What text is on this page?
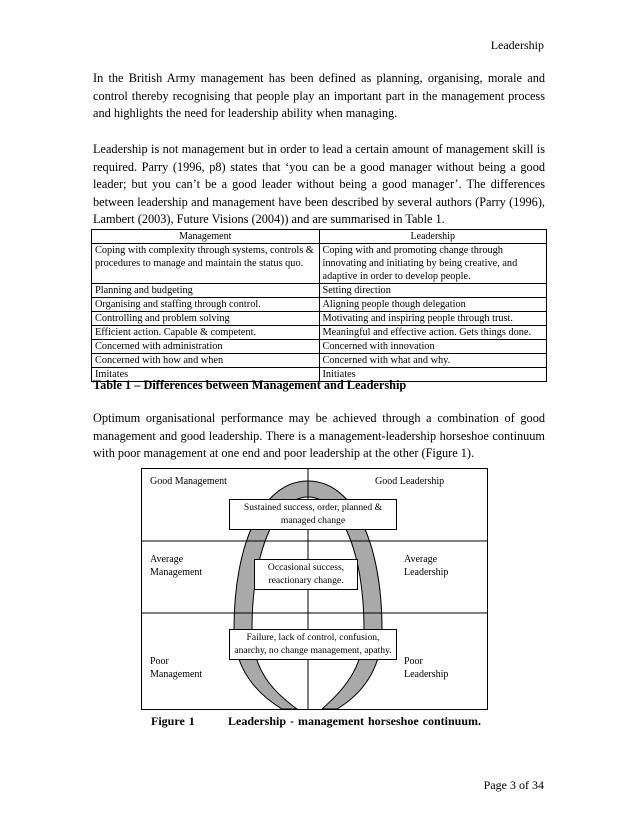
Leadership

In the British Army management has been defined as planning, organising, morale and control thereby recognising that people play an important part in the management process and highlights the need for leadership ability when managing.

Leadership is not management but in order to lead a certain amount of management skill is required. Parry (1996, p8) states that ‘you can be a good manager without being a good leader; but you can’t be a good leader without being a good manager’. The differences between leadership and management have been described by several authors (Parry (1996), Lambert (2003), Future Visions (2004)) and are summarised in Table 1.

Management	Leadership
Coping with complexity through systems, controls & procedures to manage and maintain the status quo.	Coping with and promoting change through innovating and initiating by being creative, and adaptive in order to develop people.
Planning and budgeting	Setting direction
Organising and staffing through control.	Aligning people though delegation
Controlling and problem solving	Motivating and inspiring people through trust.
Efficient action. Capable & competent.	Meaningful and effective action. Gets things done.
Concerned with administration	Concerned with innovation
Concerned with how and when	Concerned with what and why.
Imitates	Initiates
Table 1 – Differences between Management and Leadership

Optimum organisational performance may be achieved through a combination of good management and good leadership. There is a management-leadership horseshoe continuum with poor management at one end and poor leadership at the other (Figure 1).

Good Management	Good Leadership
Average Management
Average Leadership
Poor Management
Poor Leadership
Sustained success, order, planned & managed change
Occasional success, reactionary change.
Failure, lack of control, confusion, anarchy, no change management, apathy.
Figure 1	Leadership - management horseshoe continuum.
Page 3 of 34
